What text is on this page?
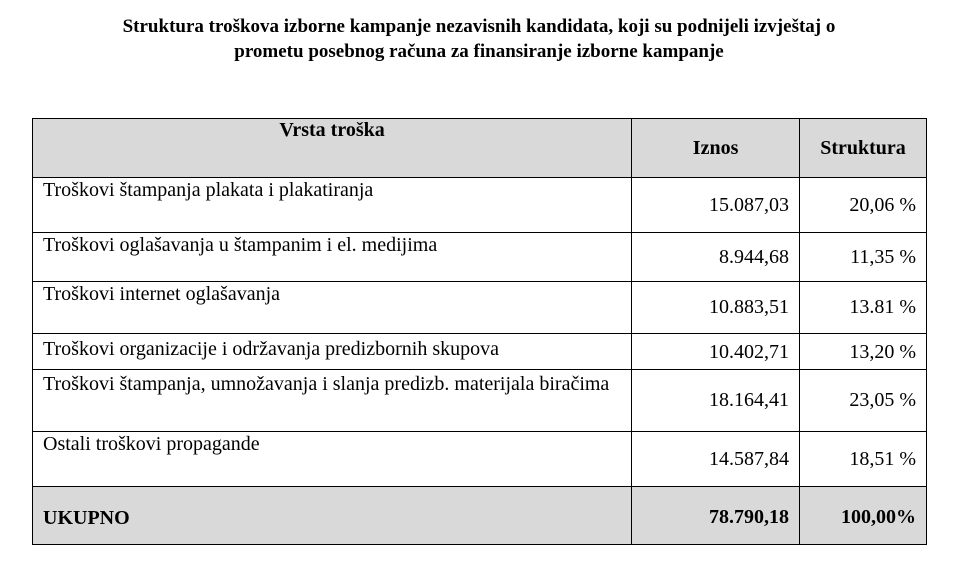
Struktura troškova izborne kampanje nezavisnih kandidata, koji su podnijeli izvještaj o
prometu posebnog računa za finansiranje izborne kampanje
Vrsta troška	Iznos	Struktura
Troškovi štampanja plakata i plakatiranja	15.087,03	20,06 %
Troškovi oglašavanja u štampanim i el. medijima	8.944,68	11,35 %
Troškovi internet oglašavanja	10.883,51	13.81 %
Troškovi organizacije i održavanja predizbornih skupova	10.402,71	13,20 %
Troškovi štampanja, umnožavanja i slanja predizb. materijala biračima	18.164,41	23,05 %
Ostali troškovi propagande	14.587,84	18,51 %
UKUPNO	78.790,18	100,00%
